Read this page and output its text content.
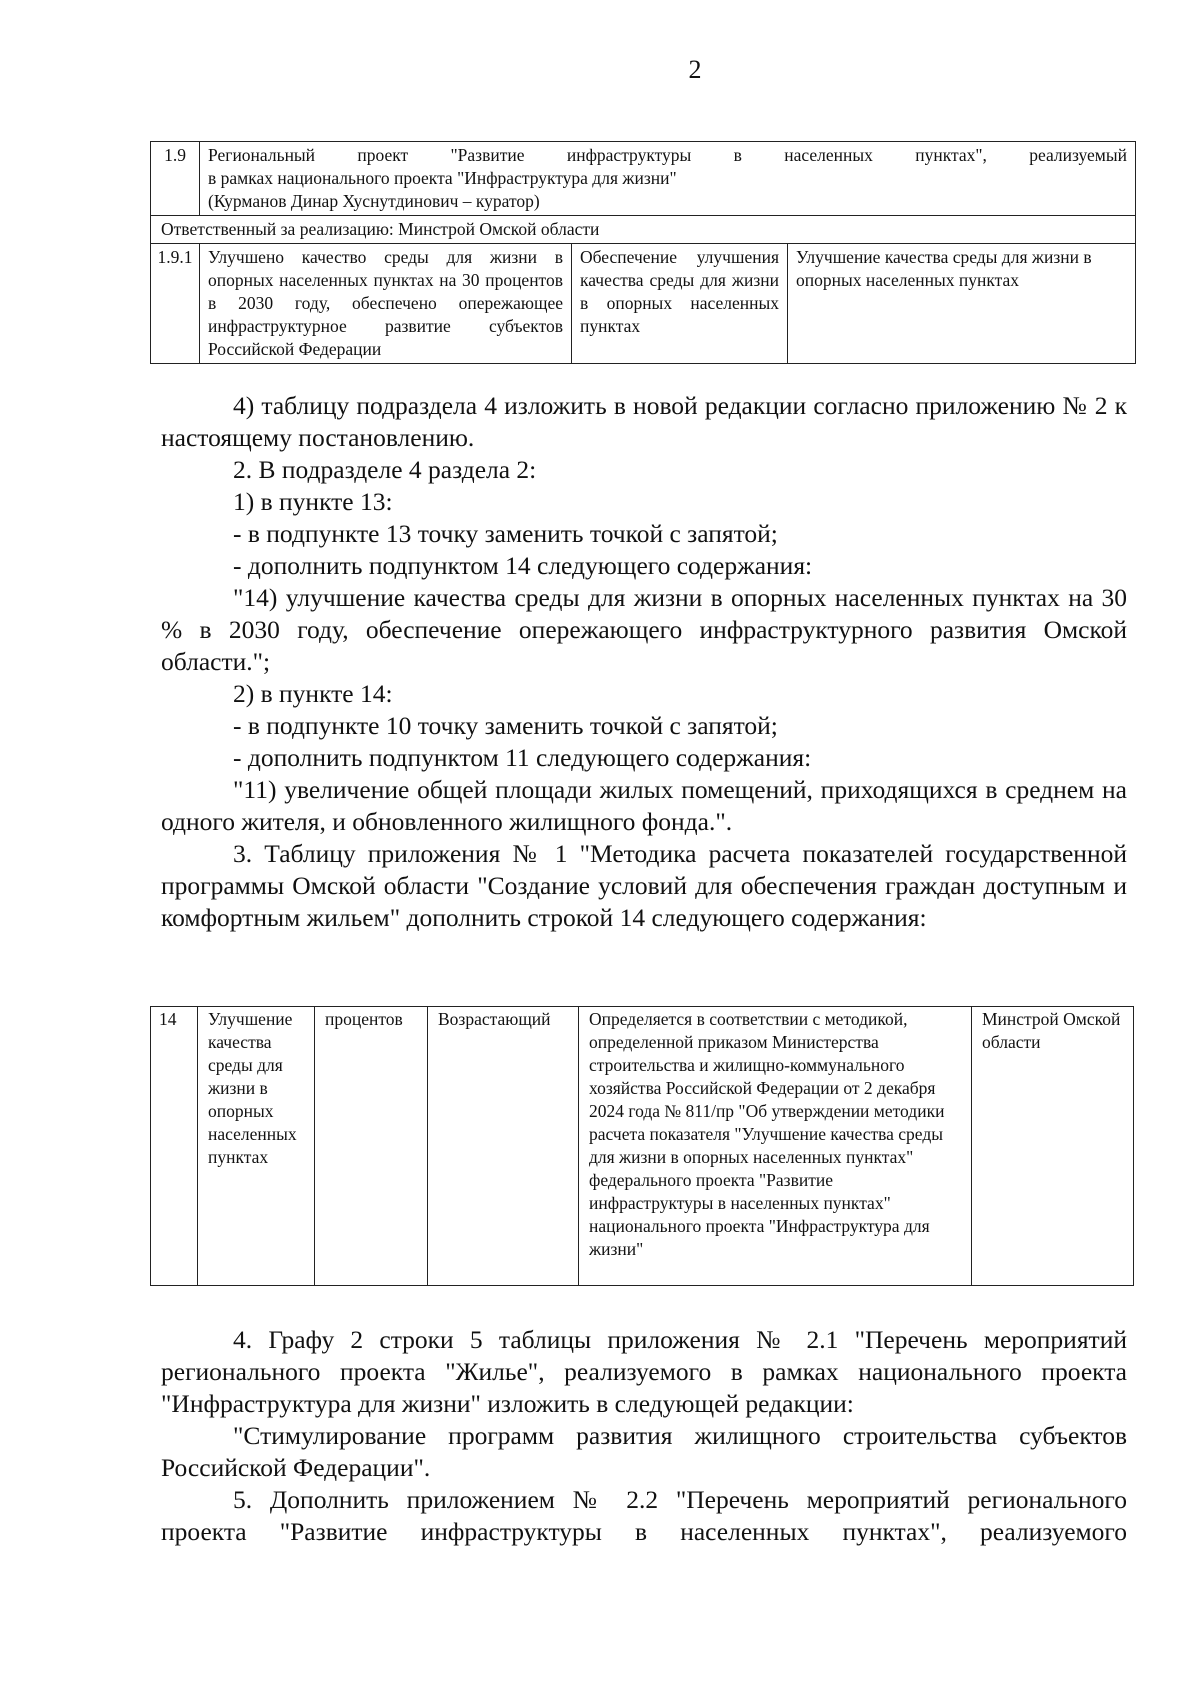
2
1.9	Региональный проект "Развитие инфраструктуры в населенных пунктах", реализуемый
в рамках национального проекта "Инфраструктура для жизни"
(Курманов Динар Хуснутдинович – куратор)		

Ответственный за реализацию: Минстрой Омской области			
1.9.1	Улучшено качество среды для жизни в опорных населенных пунктах на 30 процентов в 2030 году, обеспечено опережающее инфраструктурное развитие субъектов Российской Федерации	Обеспечение улучшения качества среды для жизни в опорных населенных пунктах	Улучшение качества среды для жизни в опорных населенных пунктах

4) таблицу подраздела 4 изложить в новой редакции согласно приложению № 2 к настоящему постановлению.

2. В подразделе 4 раздела 2:

1) в пункте 13:

- в подпункте 13 точку заменить точкой с запятой;

- дополнить подпунктом 14 следующего содержания:

"14) улучшение качества среды для жизни в опорных населенных пунктах на 30 % в 2030 году, обеспечение опережающего инфраструктурного развития Омской области.";

2) в пункте 14:

- в подпункте 10 точку заменить точкой с запятой;

- дополнить подпунктом 11 следующего содержания:

"11) увеличение общей площади жилых помещений, приходящихся в среднем на одного жителя, и обновленного жилищного фонда.".

3. Таблицу приложения № 1 "Методика расчета показателей государственной программы Омской области "Создание условий для обеспечения граждан доступным и комфортным жильем" дополнить строкой 14 следующего содержания:

14	Улучшение качества среды для жизни в опорных населенных пунктах	процентов	Возрастающий	Определяется в соответствии с методикой, определенной приказом Министерства строительства и жилищно-коммунального хозяйства Российской Федерации от 2 декабря 2024 года № 811/пр "Об утверждении методики расчета показателя "Улучшение качества среды для жизни в опорных населенных пунктах" федерального проекта "Развитие инфраструктуры в населенных пунктах" национального проекта "Инфраструктура для жизни"	Минстрой Омской области

4. Графу 2 строки 5 таблицы приложения № 2.1 "Перечень мероприятий регионального проекта "Жилье", реализуемого в рамках национального проекта "Инфраструктура для жизни" изложить в следующей редакции:

"Стимулирование программ развития жилищного строительства субъектов Российской Федерации".

5. Дополнить приложением № 2.2 "Перечень мероприятий регионального проекта "Развитие инфраструктуры в населенных пунктах", реализуемого
